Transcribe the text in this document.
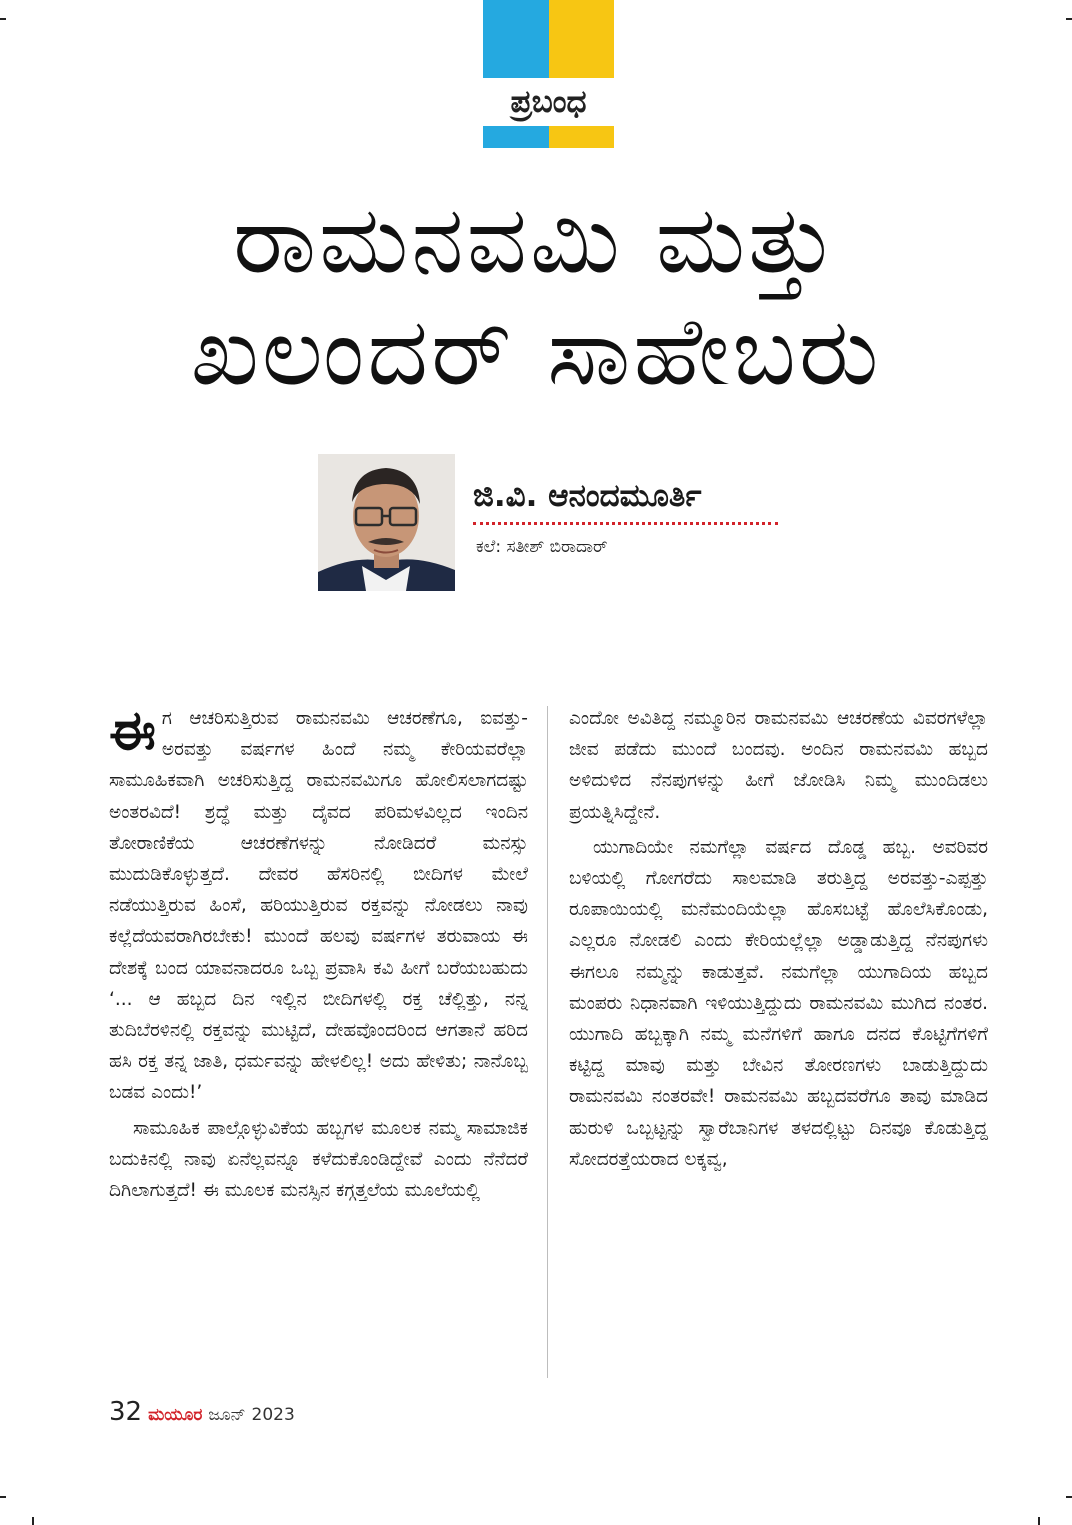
ಪ್ರಬಂಧ
ರಾಮನವಮಿ ಮತ್ತು
ಖಲಂದರ್ ಸಾಹೇಬರು
ಜಿ.ವಿ. ಆನಂದಮೂರ್ತಿ
ಕಲೆ: ಸತೀಶ್ ಬಿರಾದಾರ್

ಈಗ ಆಚರಿಸುತ್ತಿರುವ ರಾಮನವಮಿ ಆಚರಣೆಗೂ, ಐವತ್ತು-ಅರವತ್ತು ವರ್ಷಗಳ ಹಿಂದೆ ನಮ್ಮ ಕೇರಿಯವರೆಲ್ಲಾ ಸಾಮೂಹಿಕವಾಗಿ ಅಚರಿಸುತ್ತಿದ್ದ ರಾಮನವಮಿಗೂ ಹೋಲಿಸಲಾಗದಷ್ಟು ಅಂತರವಿದೆ! ಶ್ರದ್ಧೆ ಮತ್ತು ದೈವದ ಪರಿಮಳವಿಲ್ಲದ ಇಂದಿನ ತೋರಾಣಿಕೆಯ ಆಚರಣೆಗಳನ್ನು ನೋಡಿದರೆ ಮನಸ್ಸು ಮುದುಡಿಕೊಳ್ಳುತ್ತದೆ. ದೇವರ ಹೆಸರಿನಲ್ಲಿ ಬೀದಿಗಳ ಮೇಲೆ ನಡೆಯುತ್ತಿರುವ ಹಿಂಸೆ, ಹರಿಯುತ್ತಿರುವ ರಕ್ತವನ್ನು ನೋಡಲು ನಾವು ಕಲ್ಲೆದೆಯವರಾಗಿರಬೇಕು! ಮುಂದೆ ಹಲವು ವರ್ಷಗಳ ತರುವಾಯ ಈ ದೇಶಕ್ಕೆ ಬಂದ ಯಾವನಾದರೂ ಒಬ್ಬ ಪ್ರವಾಸಿ ಕವಿ ಹೀಗೆ ಬರೆಯಬಹುದು ‘... ಆ ಹಬ್ಬದ ದಿನ ಇಲ್ಲಿನ ಬೀದಿಗಳಲ್ಲಿ ರಕ್ತ ಚೆಲ್ಲಿತ್ತು, ನನ್ನ ತುದಿಬೆರಳಿನಲ್ಲಿ ರಕ್ತವನ್ನು ಮುಟ್ಟಿದೆ, ದೇಹವೊಂದರಿಂದ ಆಗತಾನೆ ಹರಿದ ಹಸಿ ರಕ್ತ ತನ್ನ ಜಾತಿ, ಧರ್ಮವನ್ನು ಹೇಳಲಿಲ್ಲ! ಅದು ಹೇಳಿತು; ನಾನೊಬ್ಬ ಬಡವ ಎಂದು!’

ಸಾಮೂಹಿಕ ಪಾಲ್ಗೊಳ್ಳುವಿಕೆಯ ಹಬ್ಬಗಳ ಮೂಲಕ ನಮ್ಮ ಸಾಮಾಜಿಕ ಬದುಕಿನಲ್ಲಿ ನಾವು ಏನೆಲ್ಲವನ್ನೂ ಕಳೆದುಕೊಂಡಿದ್ದೇವೆ ಎಂದು ನೆನೆದರೆ ದಿಗಿಲಾಗುತ್ತದೆ! ಈ ಮೂಲಕ ಮನಸ್ಸಿನ ಕಗ್ಗತ್ತಲೆಯ ಮೂಲೆಯಲ್ಲಿ

ಎಂದೋ ಅವಿತಿದ್ದ ನಮ್ಮೂರಿನ ರಾಮನವಮಿ ಆಚರಣೆಯ ವಿವರಗಳೆಲ್ಲಾ ಜೀವ ಪಡೆದು ಮುಂದೆ ಬಂದವು. ಅಂದಿನ ರಾಮನವಮಿ ಹಬ್ಬದ ಅಳಿದುಳಿದ ನೆನಪುಗಳನ್ನು ಹೀಗೆ ಜೋಡಿಸಿ ನಿಮ್ಮ ಮುಂದಿಡಲು ಪ್ರಯತ್ನಿಸಿದ್ದೇನೆ.

ಯುಗಾದಿಯೇ ನಮಗೆಲ್ಲಾ ವರ್ಷದ ದೊಡ್ಡ ಹಬ್ಬ. ಅವರಿವರ ಬಳಿಯಲ್ಲಿ ಗೋಗರೆದು ಸಾಲಮಾಡಿ ತರುತ್ತಿದ್ದ ಅರವತ್ತು-ಎಪ್ಪತ್ತು ರೂಪಾಯಿಯಲ್ಲಿ ಮನೆಮಂದಿಯೆಲ್ಲಾ ಹೊಸಬಟ್ಟೆ ಹೊಲೆಸಿಕೊಂಡು, ಎಲ್ಲರೂ ನೋಡಲಿ ಎಂದು ಕೇರಿಯಲ್ಲೆಲ್ಲಾ ಅಡ್ಡಾಡುತ್ತಿದ್ದ ನೆನಪುಗಳು ಈಗಲೂ ನಮ್ಮನ್ನು ಕಾಡುತ್ತವೆ. ನಮಗೆಲ್ಲಾ ಯುಗಾದಿಯ ಹಬ್ಬದ ಮಂಪರು ನಿಧಾನವಾಗಿ ಇಳಿಯುತ್ತಿದ್ದುದು ರಾಮನವಮಿ ಮುಗಿದ ನಂತರ. ಯುಗಾದಿ ಹಬ್ಬಕ್ಕಾಗಿ ನಮ್ಮ ಮನೆಗಳಿಗೆ ಹಾಗೂ ದನದ ಕೊಟ್ಟಿಗೆಗಳಿಗೆ ಕಟ್ಟಿದ್ದ ಮಾವು ಮತ್ತು ಬೇವಿನ ತೋರಣಗಳು ಬಾಡುತ್ತಿದ್ದುದು ರಾಮನವಮಿ ನಂತರವೇ! ರಾಮನವಮಿ ಹಬ್ಬದವರೆಗೂ ತಾವು ಮಾಡಿದ ಹುರುಳಿ ಒಬ್ಬಟ್ಟನ್ನು ಸ್ವಾರೆಬಾನಿಗಳ ತಳದಲ್ಲಿಟ್ಟು ದಿನವೂ ಕೊಡುತ್ತಿದ್ದ ಸೋದರತ್ತೆಯರಾದ ಲಕ್ಕವ್ವ,

32 ಮಯೂರ ಜೂನ್ 2023
